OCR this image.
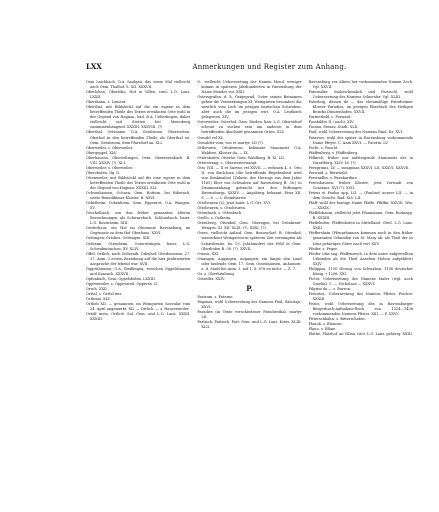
LXX	Anmerkungen und Register zum Anhang.
Oem Laichbach, O.A. Saulgau, das sowie Mal vielleicht auch Oem. Thalhof. S. XII. XXXVII.
Oberlohen, Oberlohe, Hof in Villen, tirol. L.O. Lanz. LXXII.
Oberthann, s. Lemaur.
Oberthal, mit Bildstöckl auf die ein eigene in dem betreffenden Theile des Textes erwähnten Orte wohl in der Gegend von Hagnau, bad. B.A. Ueberlingen, daher vielleicht mit Stetten bei Meersburg zusammenhängend. XXXIII. XXXVIII. (?)
Oberthal, Ortsname, O.A. Gerabronn. Oberstetten, Oberhof in den betreffenden Theile als Oberthal ist. Oem. Gerabronn, dem Pfarrdorf an. XLI.
Oberweiler, s. Oberweiler.
Obergeppel. XLV.
Oberhausen, Oberzeltingen, Oem. Oberessenbach. B. VIII. XXXIV (?). XLI.
Oberweiler, s. Oberweiler.
Oberzhofen. Ilg. D.
Ottenweiler, mit Bildstöckl auf die eine eigene in dem betreffenden Theile des Textes erwähnten Orte wohl in der Gegend von Hagnau. XXXIII. XLI.
Ochsenhausen, Ochsen, Gem. Rottum, bei Biberach, sowie Benediktiner Kloster. B. XXVI.
Ockelheim. Ockenheim, Gem. Eggenrot, O.A. Wangen. XV.
Oeschelbach, von den früher genannten älteren Bezeichnungen als Schwarzbach, Schlossbach, baier. L.G. Rosenheim. XIII.
Oesterhaus, ein Hof im Oberamte Ravensburg, im Gegensatz zu dem Hof Oberhaus. XXVI.
Oettingen, Ortsbez. Oettingen. XIII.
Oetheim, Ottenheim, Unterottingen, baier. L.G. Schwabmünchen. XV. XLIV.
Offel, Ortlich, nach Zollerndt. Ödenhof, Oberbronnen, 27. 37. Anm. 3 ersten Berathung auf die hier praktizierten Ansprüche der lebend war. XVII.
Oggelshausen, O.A. Riedlingen, zwischen Oggelshausen und Kanzach. XXXVII.
Opfenbach, Gem. Oppelsbohm. LXXIII.
Oppenweiler, s. Oppenweil. Oppersh. II.
Orsch. XXII.
Orttal, s. Orttal mts.
Ortheim. XLV.
Ortlieb XII. — genannten, im Weingarten Saecular vom 24. April angemerkt. XII. — Ortlich. — s. Hauserweiler.
Ortolf mein, Ortlich. Sal. Oem. und L.O. Lanz. XXXII. XXXIII.
O., vielleicht Ueberseetung der Namen Mend, weniger kommt in späteren Jahrhunderten in Ravensburg der Name Mender vor. XXII.
Ostersgrafen, d. h. Ostgegend, Unter seinen Beinamen gehen die Vermerkungen XI. Weingarten besonders die westlich vom Lech im jetzigen bairischen Schwaben, aber auch die im jetzigen wirt. O.A. Leutkirch gelegenen. XIV.
Osterweiler, Osterhof, Gem. Rieden, bair. L.G. Oberstdorf scheint zu suchen sein am anderen in dem betreffenden Abschnitt genannten Orten. XLV.
Oswald vel XL.
Oswalder vom, von et martyr. LII (?).
Ottbeuren, Ottobeuren, bekannte Stammsitz O.A. Waldsee, Klöster da. — IX.
Ottershofen, Otterhe. Oem. Waldburg. B. XI. LII.
Otterswang, s. Oberweiterwangt.
Otto VIII. — II et Suevus vel XXVII. — wehmen 4. 5. Otto II. von Buchhorn (die betreffende Begebenheit wird von Denkmalen) (Zehnte: des Herzogs aus dem Jahre 1165) Eher von Schwaben auf Ravensburg B. 38.) in Zusammenhang gebracht mit den Stiftungen Ravensburgs. XXXIV. — Augsburg, bekannt. Etwa XII. S. — 6. — s. Steinfuerste.
Ottobeuren (L), jetzt baier. L.G. Ort. XVI.
Ottobeuren, s. Ottobeuren.
Ottenbach, s. Ottenbach.
Ozello, s. Ostheim.
Ottenberg, Ottenhof, Gem. Oberngen, bei Grünkraut-Wengen. XI. XII. XLIX. (?). XXXI. (?).
Owen, vielleicht Aulauf, Gem. Bessendorf. B. Ottenhof, wasserbaut Weingarten in späteren Zeit vereinigten als Schatzbesitz. Im 19. Jahrhundert der Feld in Oem. Oberhofen B. 38. (?). XXVII.
Owens. XXI.
Owangen, Augangen, Augangen, ein längst den Land oder laufende Oem. 17. Gem. Ossenhausen, Anhausen: a. d. Stadt bei Anm. 3. auf 1. 6. 878 en nicht. — Z. 7.
Oz. s. Oberhitaltung.
Ostzeller. XXIV.
P.
Pastrum, s. Paterne.
Pagonas, wohl Ueberseetung des Namens Paul, Sabotaje. XXVI.
Paradies (in Texte verschiedener Paradiesthal, martyr LII.
Partisch, Partisch, Part. Oem. und L.G. Lanz. Kreis. XLIII. XLII.
Ravensburg vor Alters her vorkommenden Namen Zech. Vgl. XXVII.
Paternilier (wahrscheinlich und Partisch), wohl Ueberseetung des Namens Schneider. Vgl. XLIII.
Paterbug, dessen de — das ebenmäßige Paterheimer Kloster Paradies, im jetzigen Eberbäch des Heiligen Bezirks Dinszenhofen. XXVII.
Partnerbild, s. Perwaid.
Passbilder II. (auch). XIV.
Passau, Passau, Stadt. XLII.
Paul, wohl Ueberseetung des Namens Rind. Ez. XVI.
Patarver, wohl der später in Ravensburg vorkommende Name Pfeyer. C. Anm XXVI. — Paterin. LV.
Pecht, s. Paucht.
Pfaffenberg, s. Pfaffenberg.
Pelkirch, früher nur aufsteigende Stammsitz der in Vorarlberg. XLIV. LV. (?).
Peregrinus, LV. — sumgimas XXXVI. LII. XXXVI. XXXVII.
Perwaid, s. Bernwald.
Perwaidlin, s. Bernhardine.
Petershausen, früher Kloster, jetzt Vorstadt von Constanz. XVI.(?). XVII.
Petrus et Paulus app. LII. — (Pauline) ausser LII. — in dem Gericht. Bad. XLV. LII.
Pfaff, wohl der heutige Name Pfaffe. Pfliffin, XXVIII. Wer. — XXXIX.
Pfaffelsbaum, vielleicht jetzt Pfaumannn, Oem. Bodnegg. B. XXXIII.
Pfaffehofen, Pfaffenhofen in Mittelland, Ottel, L.G. Lanz. XXIII.
Pfeffershain (Pfennrhannen kommen noch in den früher genannten Urkunden von St. Mary ab: als Theil der es Lenz gehörigen Güter nach vor) XXV.
Pfeifer, s. Feger.
Pfeifer (das sog. Pfaffenreich, in dem unter aufgestellten Urkunden ab die Theil Ansehen Hohen aufgeführt) XXIV.
Philippus, 1190 Herzog von Schwaben, 1198 deutscher König, † 1208. XXI.
Pictor, Ueberseetung des Namens Maler (wgl. auch Gmelin). C. — Nicholaus — XXXVI.
Pilgrim da — s. Burron.
Pistorius, Ueberseetung des Namens Pfister, Fischer. XXXIII.
Pistor, wohl Ueberseetung des in Ravensburger Bürgerbuch-Aufnahme-Buch von 1324—1436 vorkommenden Namens Pfister. XIII. — P. XXVI.
Pitterschbahn, s. Bitterschafen.
Planck, s. Blancen.
Plano, s. Bläue.
Plathe, Platzhof, an Villan, tirol. L.G. Lanz. gehörig. XXIII.
